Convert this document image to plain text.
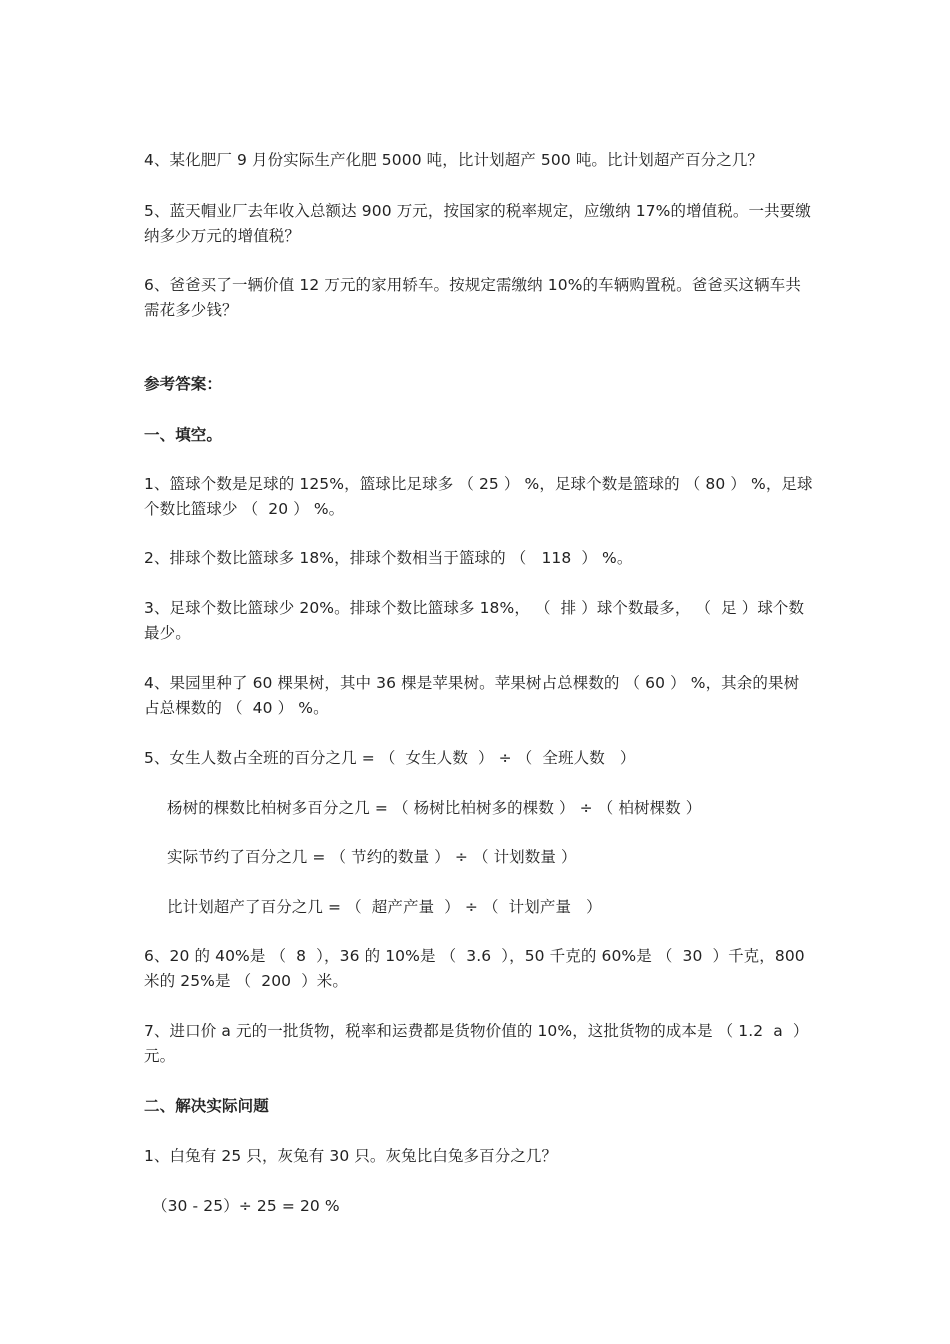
4、某化肥厂 9 月份实际生产化肥 5000 吨，比计划超产 500 吨。比计划超产百分之几？
5、蓝天帽业厂去年收入总额达 900 万元，按国家的税率规定，应缴纳 17%的增值税。一共要缴纳多少万元的增值税？
6、爸爸买了一辆价值 12 万元的家用轿车。按规定需缴纳 10%的车辆购置税。爸爸买这辆车共需花多少钱？
参考答案：
一、填空。
1、篮球个数是足球的 125%，篮球比足球多 （ 25 ） %，足球个数是篮球的 （ 80 ） %，足球个数比篮球少 （  20 ） %。
2、排球个数比篮球多 18%，排球个数相当于篮球的 （   118  ） %。
3、足球个数比篮球少 20%。排球个数比篮球多 18%， （  排 ）球个数最多， （  足 ）球个数最少。
4、果园里种了 60 棵果树，其中 36 棵是苹果树。苹果树占总棵数的 （ 60 ） %，其余的果树占总棵数的 （  40 ） %。
5、女生人数占全班的百分之几 = （  女生人数  ） ÷ （  全班人数   ）
杨树的棵数比柏树多百分之几 = （ 杨树比柏树多的棵数 ） ÷ （ 柏树棵数 ）
实际节约了百分之几 = （ 节约的数量 ） ÷ （ 计划数量 ）
比计划超产了百分之几 = （  超产产量  ） ÷ （  计划产量   ）
6、20 的 40%是 （  8  ），36 的 10%是 （  3.6  ），50 千克的 60%是 （  30  ）千克，800 米的 25%是 （  200  ）米。
7、进口价 a 元的一批货物，税率和运费都是货物价值的 10%，这批货物的成本是 （ 1.2  a  ）元。
二、解决实际问题
1、白兔有 25 只，灰兔有 30 只。灰兔比白兔多百分之几？
（30 - 25）÷ 25 = 20 %
